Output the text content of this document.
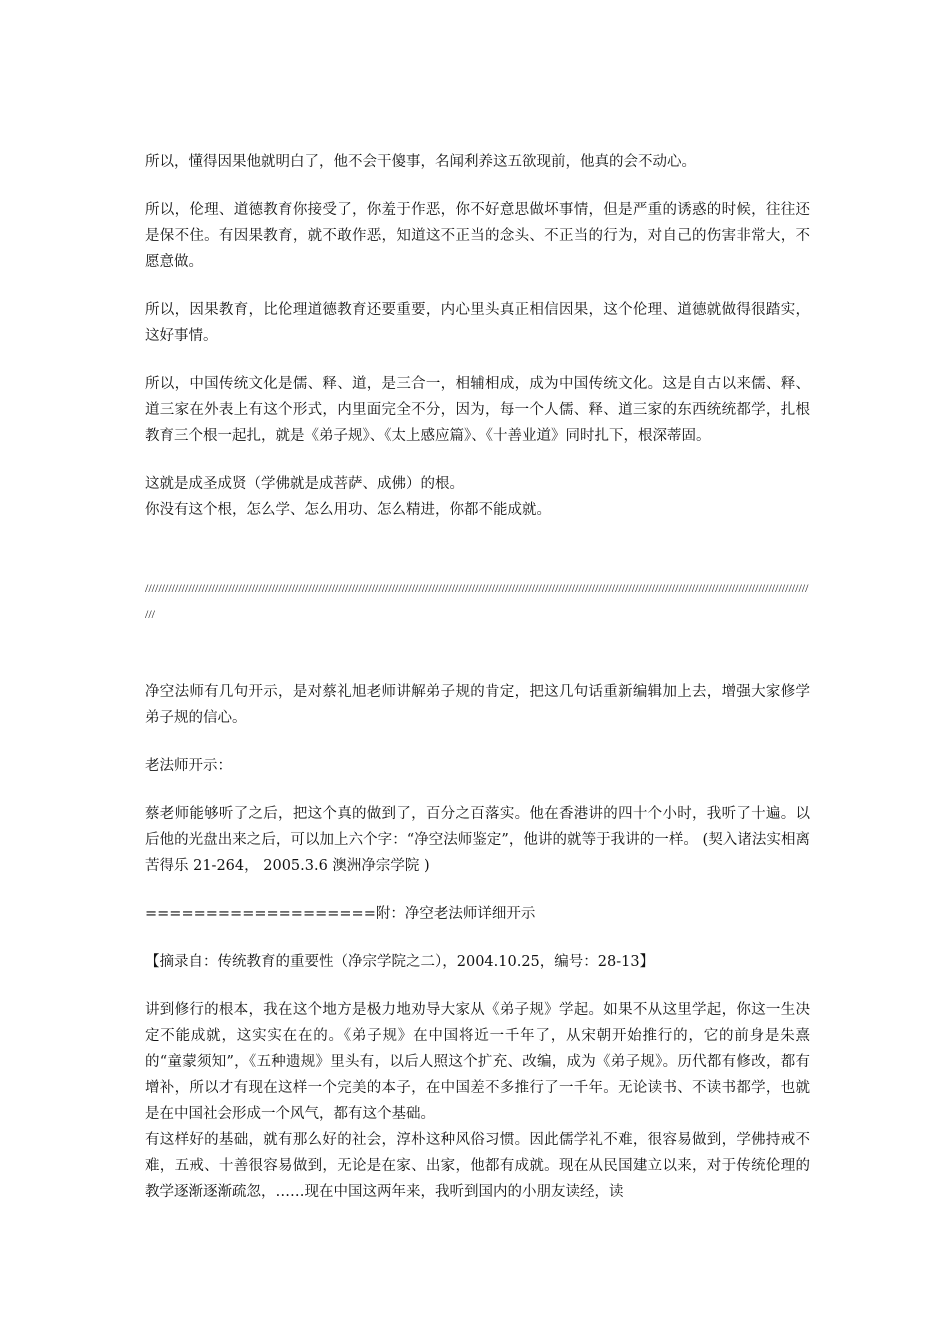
所以，懂得因果他就明白了，他不会干傻事，名闻利养这五欲现前，他真的会不动心。

所以，伦理、道德教育你接受了，你羞于作恶，你不好意思做坏事情，但是严重的诱惑的时候，往往还是保不住。有因果教育，就不敢作恶，知道这不正当的念头、不正当的行为，对自己的伤害非常大，不愿意做。

所以，因果教育，比伦理道德教育还要重要，内心里头真正相信因果，这个伦理、道德就做得很踏实，这好事情。

所以，中国传统文化是儒、释、道，是三合一，相辅相成，成为中国传统文化。这是自古以来儒、释、道三家在外表上有这个形式，内里面完全不分，因为，每一个人儒、释、道三家的东西统统都学，扎根教育三个根一起扎，就是《弟子规》、《太上感应篇》、《十善业道》同时扎下，根深蒂固。

这就是成圣成贤（学佛就是成菩萨、成佛）的根。

你没有这个根，怎么学、怎么用功、怎么精进，你都不能成就。

//////////////////////////////////////////////////////////////////////////////////////////////////////////////////////////////////////////////////////////////////////////////////////////////////////////

净空法师有几句开示，是对蔡礼旭老师讲解弟子规的肯定，把这几句话重新编辑加上去，增强大家修学弟子规的信心。

老法师开示：

蔡老师能够听了之后，把这个真的做到了，百分之百落实。他在香港讲的四十个小时，我听了十遍。以后他的光盘出来之后，可以加上六个字：“净空法师鉴定”，他讲的就等于我讲的一样。 (契入诸法实相离苦得乐 21-264， 2005.3.6 澳洲净宗学院 )

===================附：净空老法师详细开示

【摘录自：传统教育的重要性（净宗学院之二），2004.10.25，编号：28-13】

讲到修行的根本，我在这个地方是极力地劝导大家从《弟子规》学起。如果不从这里学起，你这一生决定不能成就，这实实在在的。《弟子规》在中国将近一千年了，从宋朝开始推行的，它的前身是朱熹的“童蒙须知”，《五种遗规》里头有，以后人照这个扩充、改编，成为《弟子规》。历代都有修改，都有增补，所以才有现在这样一个完美的本子，在中国差不多推行了一千年。无论读书、不读书都学，也就是在中国社会形成一个风气，都有这个基础。

有这样好的基础，就有那么好的社会，淳朴这种风俗习惯。因此儒学礼不难，很容易做到，学佛持戒不难，五戒、十善很容易做到，无论是在家、出家，他都有成就。现在从民国建立以来，对于传统伦理的教学逐渐逐渐疏忽，……现在中国这两年来，我听到国内的小朋友读经，读
